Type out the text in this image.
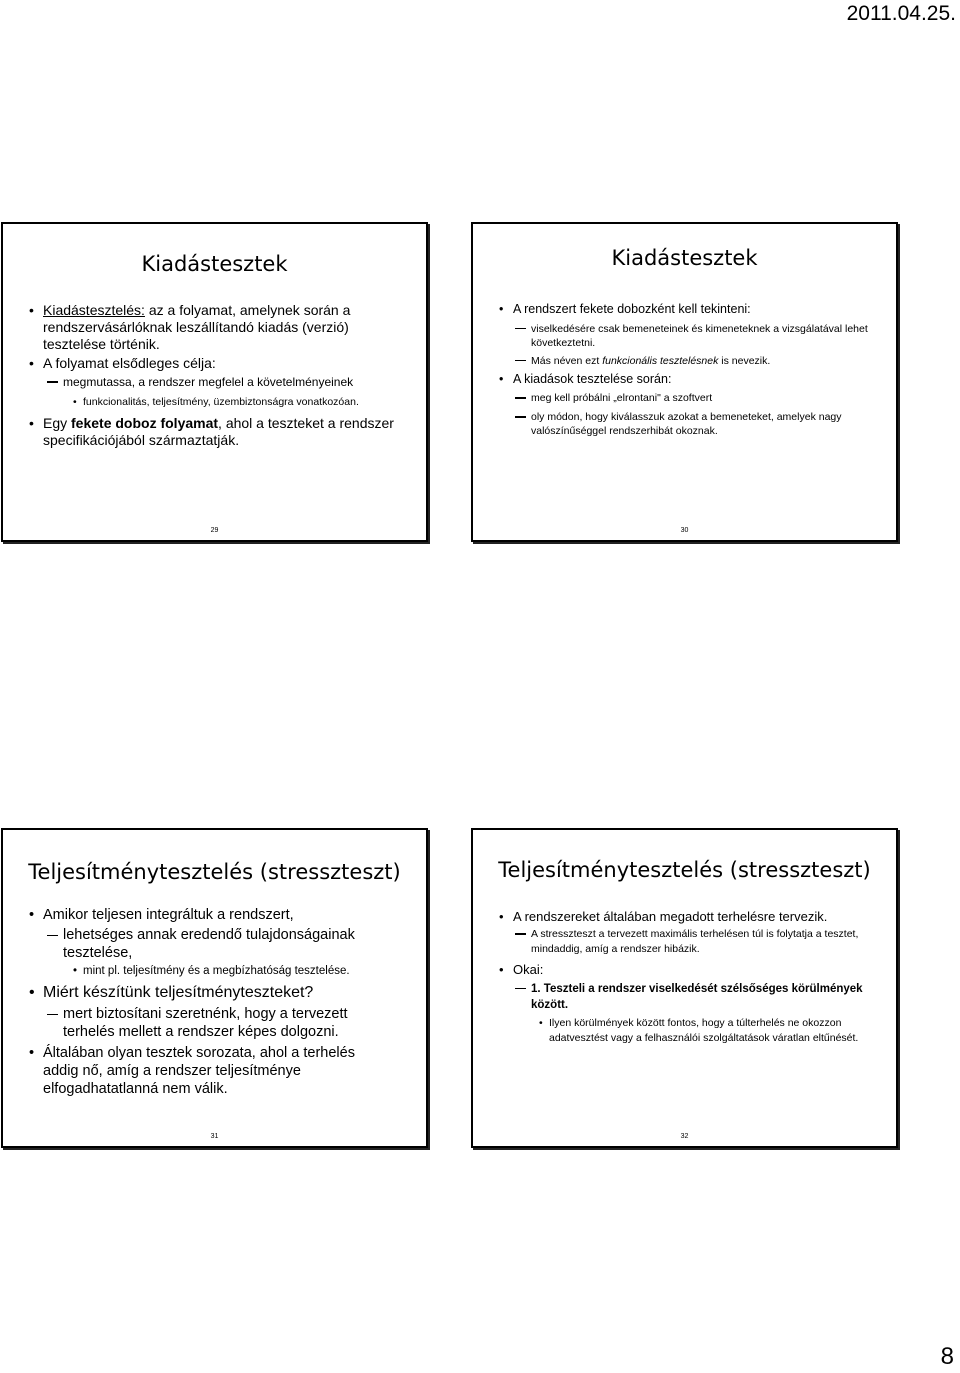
2011.04.25.
Kiadástesztek
• Kiadástesztelés: az a folyamat, amelynek során a rendszervásárlóknak leszállítandó kiadás (verzió) tesztelése történik.
• A folyamat elsődleges célja:
megmutassa, a rendszer megfelel a követelményeinek
• funkcionalitás, teljesítmény, üzembiztonságra vonatkozóan.
• Egy fekete doboz folyamat, ahol a teszteket a rendszer specifikációjából származtatják.
29
Kiadástesztek
• A rendszert fekete dobozként kell tekinteni:
viselkedésére csak bemeneteinek és kimeneteknek a vizsgálatával lehet következtetni.
Más néven ezt funkcionális tesztelésnek is nevezik.
• A kiadások tesztelése során:
meg kell próbálni „elrontani" a szoftvert
oly módon, hogy kiválasszuk azokat a bemeneteket, amelyek nagy valószínűséggel rendszerhibát okoznak.
30
Teljesítménytesztelés (stresszteszt)
• Amikor teljesen integráltuk a rendszert,
lehetséges annak eredendő tulajdonságainak tesztelése,
• mint pl. teljesítmény és a megbízhatóság tesztelése.
• Miért készítünk teljesítményteszteket?
mert biztosítani szeretnénk, hogy a tervezett terhelés mellett a rendszer képes dolgozni.
• Általában olyan tesztek sorozata, ahol a terhelés addig nő, amíg a rendszer teljesítménye elfogadhatatlanná nem válik.
31
Teljesítménytesztelés (stresszteszt)
• A rendszereket általában megadott terhelésre tervezik.
A stresszteszt a tervezett maximális terhelésen túl is folytatja a tesztet, mindaddig, amíg a rendszer hibázik.
• Okai:
1. Teszteli a rendszer viselkedését szélsőséges körülmények között.
• Ilyen körülmények között fontos, hogy a túlterhelés ne okozzon adatvesztést vagy a felhasználói szolgáltatások váratlan eltűnését.
32
8
